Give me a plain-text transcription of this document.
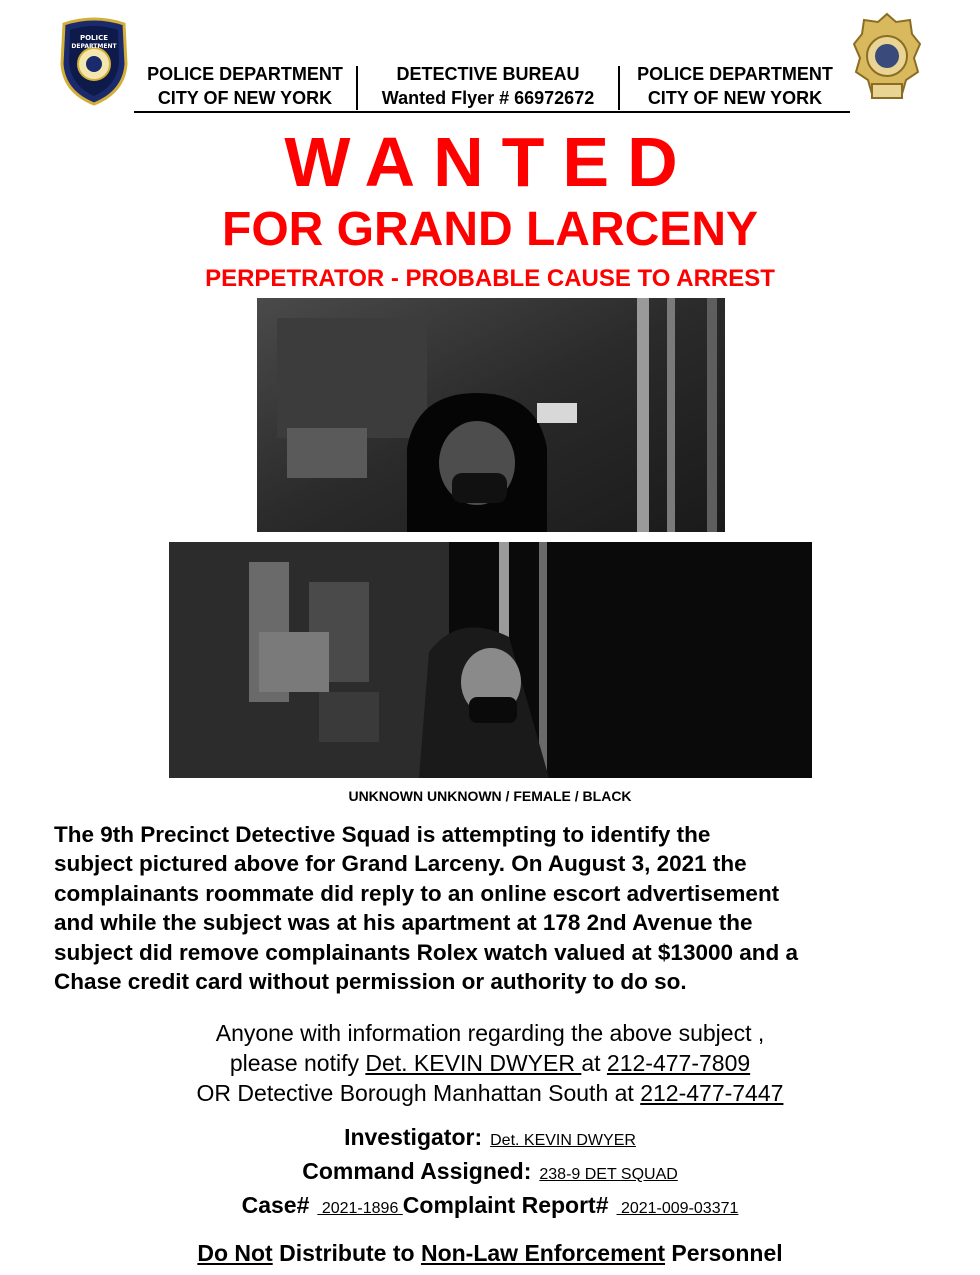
POLICE
DEPARTMENT
POLICE DEPARTMENT
CITY OF NEW YORK
DETECTIVE BUREAU
Wanted Flyer # 66972672
POLICE DEPARTMENT
CITY OF NEW YORK
WANTED
FOR GRAND LARCENY
PERPETRATOR - PROBABLE CAUSE TO ARREST
UNKNOWN UNKNOWN / FEMALE / BLACK
The 9th Precinct Detective Squad is attempting to identify the
subject pictured above for Grand Larceny. On August 3, 2021 the
complainants roommate did reply to an online escort advertisement
and while the subject was at his apartment at 178 2nd Avenue the
subject did remove complainants Rolex watch valued at $13000 and a
Chase credit card without permission or authority to do so.
Anyone with information regarding the above subject ,
please notify Det. KEVIN DWYER at 212-477-7809
OR Detective Borough Manhattan South at 212-477-7447
Investigator: Det. KEVIN DWYER
Command Assigned: 238-9 DET SQUAD
Case# 2021-1896 Complaint Report# 2021-009-03371
Do Not Distribute to Non-Law Enforcement Personnel
